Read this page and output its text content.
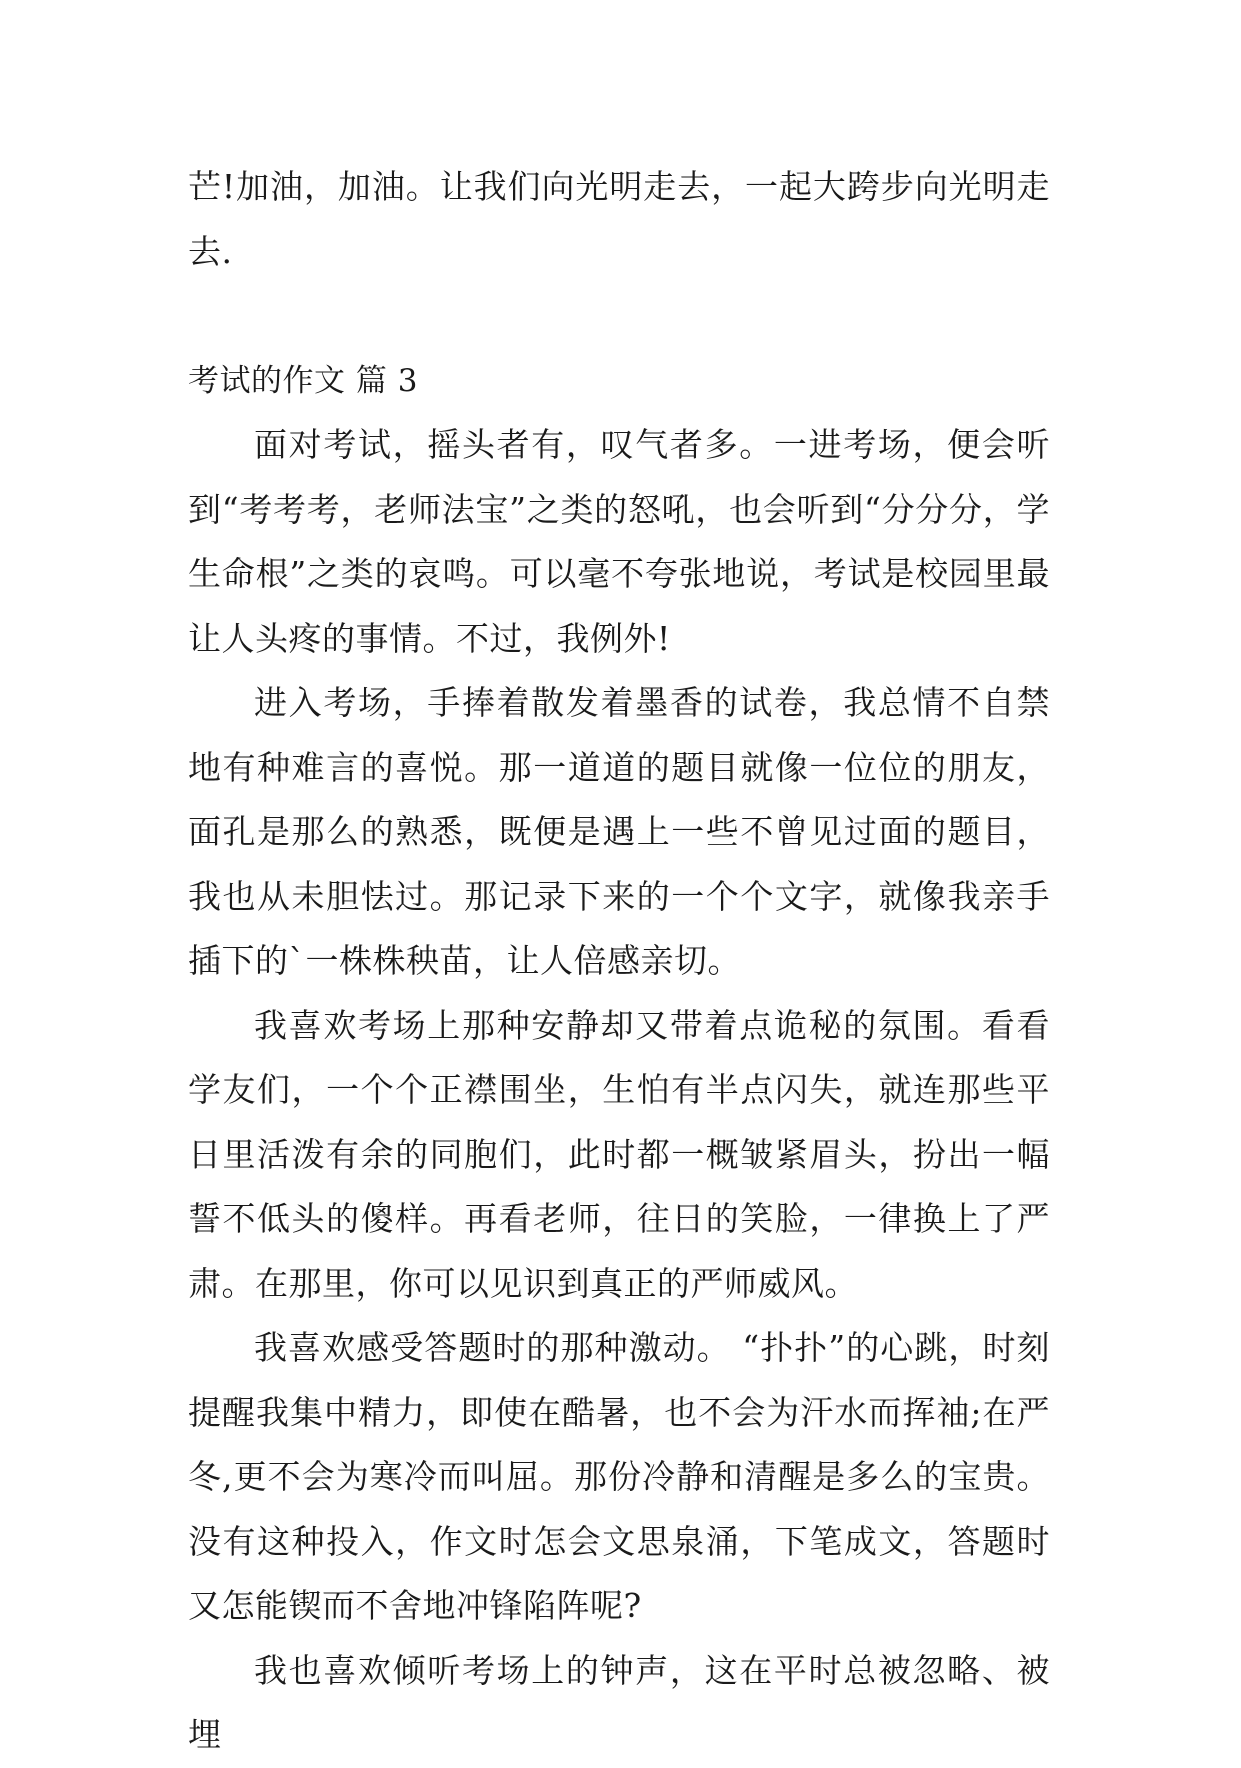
芒!加油，加油。让我们向光明走去，一起大跨步向光明走去.

考试的作文 篇 3

面对考试，摇头者有，叹气者多。一进考场，便会听到“考考考，老师法宝”之类的怒吼，也会听到“分分分，学生命根”之类的哀鸣。可以毫不夸张地说，考试是校园里最让人头疼的事情。不过，我例外!

进入考场，手捧着散发着墨香的试卷，我总情不自禁地有种难言的喜悦。那一道道的题目就像一位位的朋友，面孔是那么的熟悉，既便是遇上一些不曾见过面的题目，我也从未胆怯过。那记录下来的一个个文字，就像我亲手插下的`一株株秧苗，让人倍感亲切。

我喜欢考场上那种安静却又带着点诡秘的氛围。看看学友们，一个个正襟围坐，生怕有半点闪失，就连那些平日里活泼有余的同胞们，此时都一概皱紧眉头，扮出一幅誓不低头的傻样。再看老师，往日的笑脸，一律换上了严肃。在那里，你可以见识到真正的严师威风。

我喜欢感受答题时的那种激动。 “扑扑”的心跳，时刻提醒我集中精力，即使在酷暑，也不会为汗水而挥袖;在严冬,更不会为寒冷而叫屈。那份冷静和清醒是多么的宝贵。没有这种投入，作文时怎会文思泉涌，下笔成文，答题时又怎能锲而不舍地冲锋陷阵呢?

我也喜欢倾听考场上的钟声，这在平时总被忽略、被埋
